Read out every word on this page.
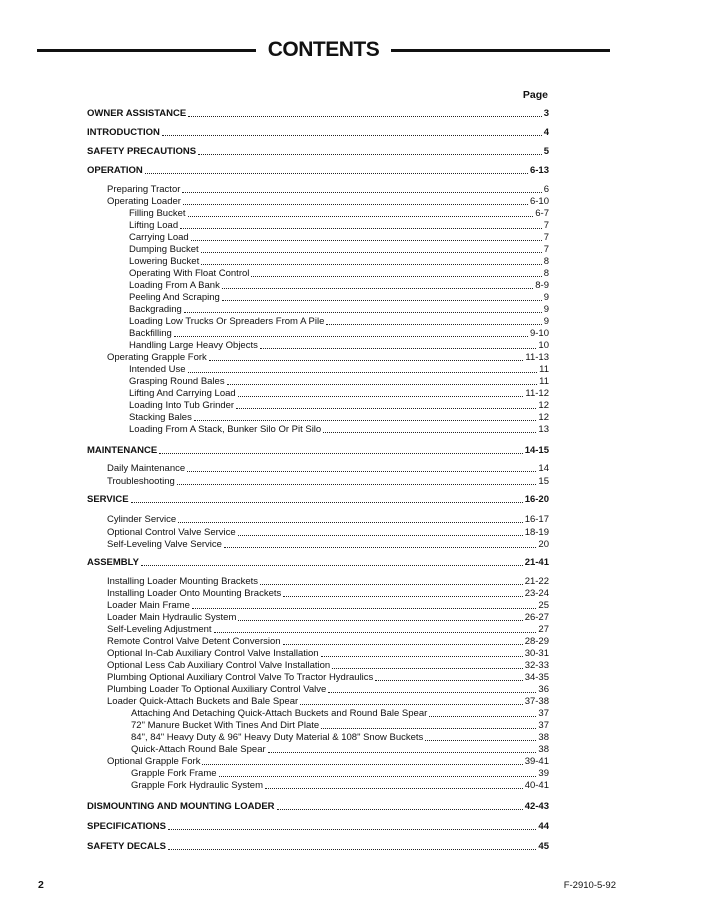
CONTENTS
Page
OWNER ASSISTANCE	3
INTRODUCTION	4
SAFETY PRECAUTIONS	5
OPERATION	6-13
Preparing Tractor	6
Operating Loader	6-10
Filling Bucket	6-7
Lifting Load	7
Carrying Load	7
Dumping Bucket	7
Lowering Bucket	8
Operating With Float Control	8
Loading From A Bank	8-9
Peeling And Scraping	9
Backgrading	9
Loading Low Trucks Or Spreaders From A Pile	9
Backfilling	9-10
Handling Large Heavy Objects	10
Operating Grapple Fork	11-13
Intended Use	11
Grasping Round Bales	11
Lifting And Carrying Load	11-12
Loading Into Tub Grinder	12
Stacking Bales	12
Loading From A Stack, Bunker Silo Or Pit Silo	13
MAINTENANCE	14-15
Daily Maintenance	14
Troubleshooting	15
SERVICE	16-20
Cylinder Service	16-17
Optional Control Valve Service	18-19
Self-Leveling Valve Service	20
ASSEMBLY	21-41
Installing Loader Mounting Brackets	21-22
Installing Loader Onto Mounting Brackets	23-24
Loader Main Frame	25
Loader Main Hydraulic System	26-27
Self-Leveling Adjustment	27
Remote Control Valve Detent Conversion	28-29
Optional In-Cab Auxiliary Control Valve Installation	30-31
Optional Less Cab Auxiliary Control Valve Installation	32-33
Plumbing Optional Auxiliary Control Valve To Tractor Hydraulics	34-35
Plumbing Loader To Optional Auxiliary Control Valve	36
Loader Quick-Attach Buckets and Bale Spear	37-38
Attaching And Detaching Quick-Attach Buckets and Round Bale Spear	37
72" Manure Bucket With Tines And Dirt Plate	37
84", 84" Heavy Duty & 96" Heavy Duty Material & 108" Snow Buckets	38
Quick-Attach Round Bale Spear	38
Optional Grapple Fork	39-41
Grapple Fork Frame	39
Grapple Fork Hydraulic System	40-41
DISMOUNTING AND MOUNTING LOADER	42-43
SPECIFICATIONS	44
SAFETY DECALS	45
2	F-2910-5-92
